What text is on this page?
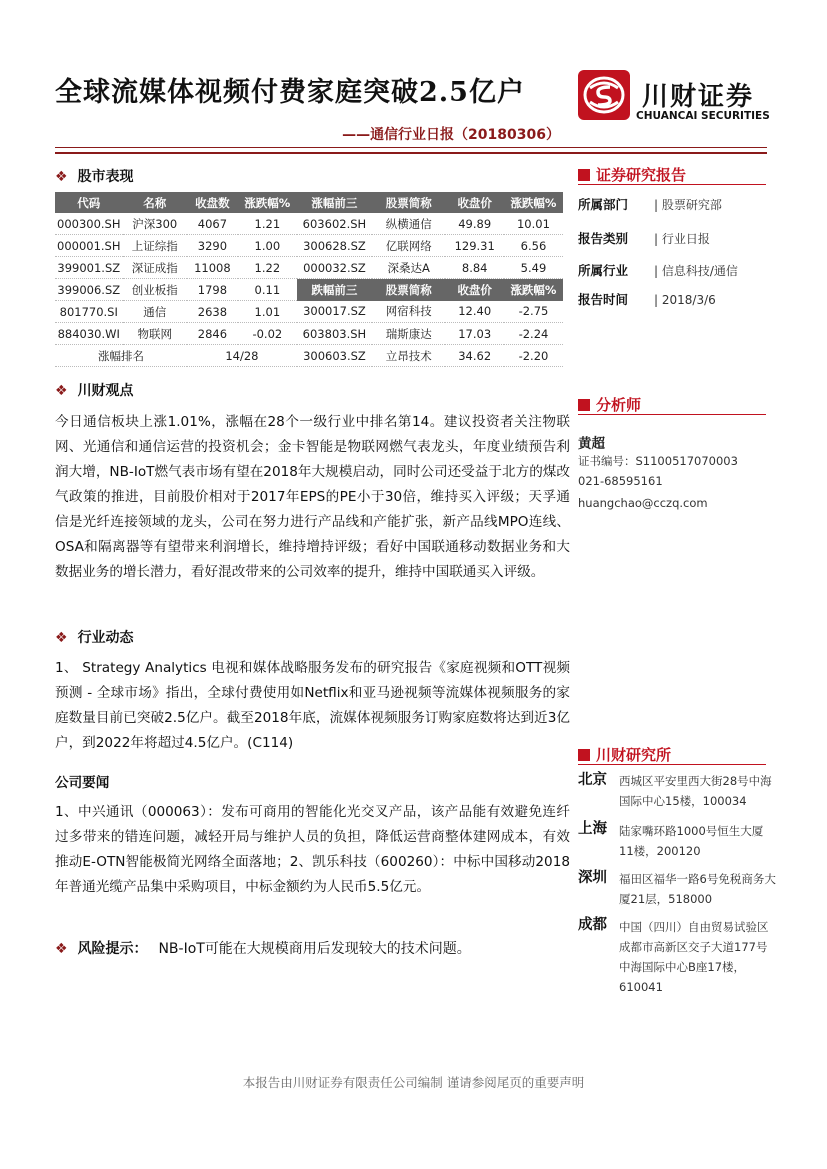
全球流媒体视频付费家庭突破2.5亿户	川财证券
CHUANCAI SECURITIES
——通信行业日报（20180306）
❖ 股市表现
代码	名称	收盘数	涨跌幅%	涨幅前三	股票简称	收盘价	涨跌幅%
000300.SH	沪深300	4067	1.21	603602.SH	纵横通信	49.89	10.01
000001.SH	上证综指	3290	1.00	300628.SZ	亿联网络	129.31	6.56
399001.SZ	深证成指	11008	1.22	000032.SZ	深桑达A	8.84	5.49
399006.SZ	创业板指	1798	0.11	跌幅前三	股票简称	收盘价	涨跌幅%
801770.SI	通信	2638	1.01	300017.SZ	网宿科技	12.40	-2.75
884030.WI	物联网	2846	-0.02	603803.SH	瑞斯康达	17.03	-2.24
涨幅排名		14/28		300603.SZ	立昂技术	34.62	-2.20
❖ 川财观点
今日通信板块上涨1.01%，涨幅在28个一级行业中排名第14。建议投资者关注物联网、光通信和通信运营的投资机会；金卡智能是物联网燃气表龙头，年度业绩预告利润大增，NB-IoT燃气表市场有望在2018年大规模启动，同时公司还受益于北方的煤改气政策的推进，目前股价相对于2017年EPS的PE小于30倍，维持买入评级；天孚通信是光纤连接领域的龙头，公司在努力进行产品线和产能扩张，新产品线MPO连线、OSA和隔离器等有望带来利润增长，维持增持评级；看好中国联通移动数据业务和大数据业务的增长潜力，看好混改带来的公司效率的提升，维持中国联通买入评级。
❖ 行业动态
1、 Strategy Analytics 电视和媒体战略服务发布的研究报告《家庭视频和OTT视频预测 - 全球市场》指出，全球付费使用如Netflix和亚马逊视频等流媒体视频服务的家庭数量目前已突破2.5亿户。截至2018年底，流媒体视频服务订购家庭数将达到近3亿户，到2022年将超过4.5亿户。(C114)
公司要闻
1、中兴通讯（000063）：发布可商用的智能化光交叉产品，该产品能有效避免连纤过多带来的错连问题，减轻开局与维护人员的负担，降低运营商整体建网成本，有效推动E-OTN智能极简光网络全面落地；2、凯乐科技（600260）：中标中国移动2018年普通光缆产品集中采购项目，中标金额约为人民币5.5亿元。
❖ 风险提示： NB-IoT可能在大规模商用后发现较大的技术问题。
证券研究报告
所属部门 | 股票研究部
报告类别 | 行业日报
所属行业 | 信息科技/通信
报告时间 | 2018/3/6
分析师
黄超
证书编号：S1100517070003
021-68595161
huangchao@cczq.com
川财研究所
北京 西城区平安里西大街28号中海国际中心15楼，100034
上海 陆家嘴环路1000号恒生大厦11楼，200120
深圳 福田区福华一路6号免税商务大厦21层，518000
成都 中国（四川）自由贸易试验区成都市高新区交子大道177号中海国际中心B座17楼，610041
本报告由川财证券有限责任公司编制 谨请参阅尾页的重要声明
